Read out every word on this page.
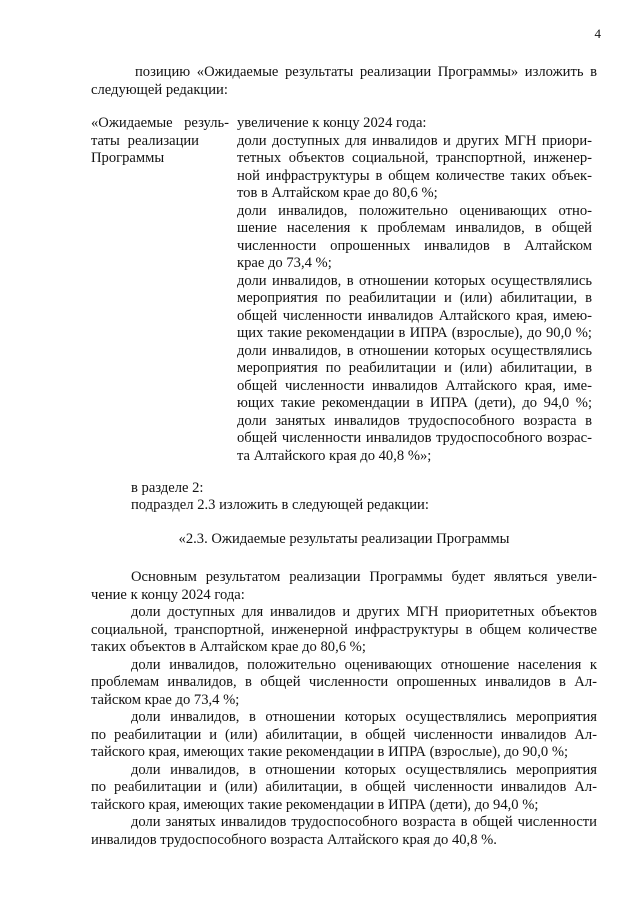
4
позицию «Ожидаемые результаты реализации Программы» изложить в
следующей редакции:
«Ожидаемые резуль-
таты реализации
Программы
увеличение к концу 2024 года:
доли доступных для инвалидов и других МГН приори-
тетных объектов социальной, транспортной, инженер-
ной инфраструктуры в общем количестве таких объек-
тов в Алтайском крае до 80,6 %;
доли инвалидов, положительно оценивающих отно-
шение населения к проблемам инвалидов, в общей
численности опрошенных инвалидов в Алтайском
крае до 73,4 %;
доли инвалидов, в отношении которых осуществлялись
мероприятия по реабилитации и (или) абилитации, в
общей численности инвалидов Алтайского края, имею-
щих такие рекомендации в ИПРА (взрослые), до 90,0 %;
доли инвалидов, в отношении которых осуществлялись
мероприятия по реабилитации и (или) абилитации, в
общей численности инвалидов Алтайского края, име-
ющих такие рекомендации в ИПРА (дети), до 94,0 %;
доли занятых инвалидов трудоспособного возраста в
общей численности инвалидов трудоспособного возрас-
та Алтайского края до 40,8 %»;
в разделе 2:
подраздел 2.3 изложить в следующей редакции:
«2.3. Ожидаемые результаты реализации Программы
Основным результатом реализации Программы будет являться увели-
чение к концу 2024 года:
доли доступных для инвалидов и других МГН приоритетных объектов
социальной, транспортной, инженерной инфраструктуры в общем количестве
таких объектов в Алтайском крае до 80,6 %;
доли инвалидов, положительно оценивающих отношение населения к
проблемам инвалидов, в общей численности опрошенных инвалидов в Ал-
тайском крае до 73,4 %;
доли инвалидов, в отношении которых осуществлялись мероприятия
по реабилитации и (или) абилитации, в общей численности инвалидов Ал-
тайского края, имеющих такие рекомендации в ИПРА (взрослые), до 90,0 %;
доли инвалидов, в отношении которых осуществлялись мероприятия
по реабилитации и (или) абилитации, в общей численности инвалидов Ал-
тайского края, имеющих такие рекомендации в ИПРА (дети), до 94,0 %;
доли занятых инвалидов трудоспособного возраста в общей численности
инвалидов трудоспособного возраста Алтайского края до 40,8 %.
